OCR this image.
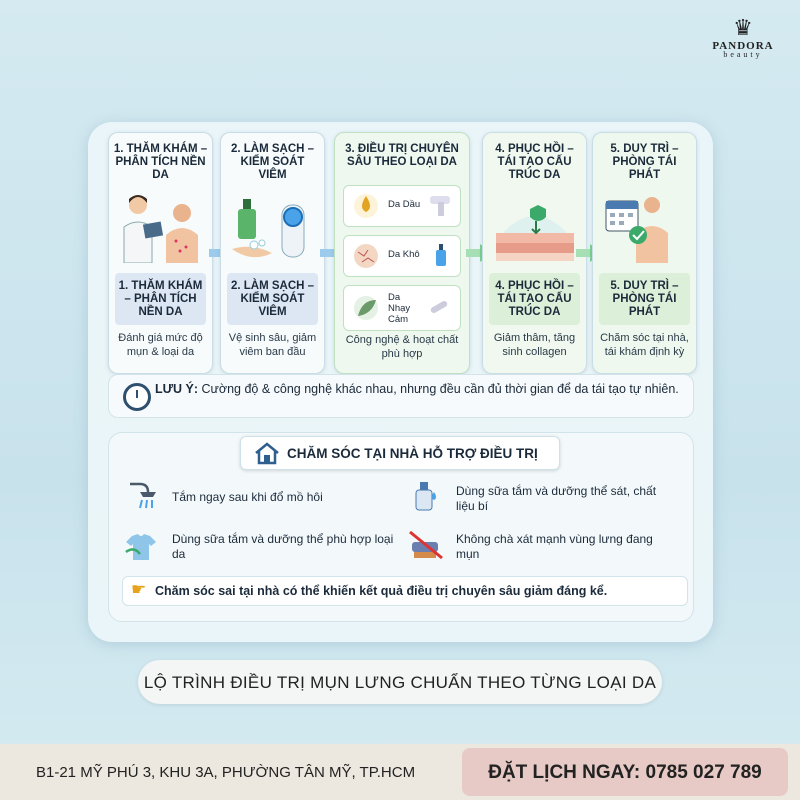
♛
PANDORA
beauty
1. THĂM KHÁM – PHÂN TÍCH NỀN DA
1. THĂM KHÁM – PHÂN TÍCH NỀN DA
Đánh giá mức độ mụn & loại da
2. LÀM SẠCH – KIỂM SOÁT VIÊM
2. LÀM SẠCH – KIỂM SOÁT VIÊM
Vệ sinh sâu, giảm viêm ban đầu
3. ĐIỀU TRỊ CHUYÊN SÂU THEO LOẠI DA
Da Dầu
Da Khô
Da Nhạy Cảm
Công nghệ & hoạt chất phù hợp
4. PHỤC HỒI – TÁI TẠO CẤU TRÚC DA
4. PHỤC HỒI – TÁI TẠO CẤU TRÚC DA
Giảm thâm, tăng sinh collagen
5. DUY TRÌ – PHÒNG TÁI PHÁT
5. DUY TRÌ – PHÒNG TÁI PHÁT
Chăm sóc tại nhà, tái khám định kỳ
LƯU Ý: Cường độ & công nghệ khác nhau, nhưng đều cần đủ thời gian để da tái tạo tự nhiên.
CHĂM SÓC TẠI NHÀ HỖ TRỢ ĐIỀU TRỊ
Tắm ngay sau khi đổ mồ hôi	Dùng sữa tắm và dưỡng thể sát, chất liệu bí
Dùng sữa tắm và dưỡng thể phù hợp loại da
Không chà xát mạnh vùng lưng đang mụn
☛ Chăm sóc sai tại nhà có thể khiến kết quả điều trị chuyên sâu giảm đáng kể.
LỘ TRÌNH ĐIỀU TRỊ MỤN LƯNG CHUẨN THEO TỪNG LOẠI DA
B1-21 MỸ PHÚ 3, KHU 3A, PHƯỜNG TÂN MỸ, TP.HCM	ĐẶT LỊCH NGAY: 0785 027 789
